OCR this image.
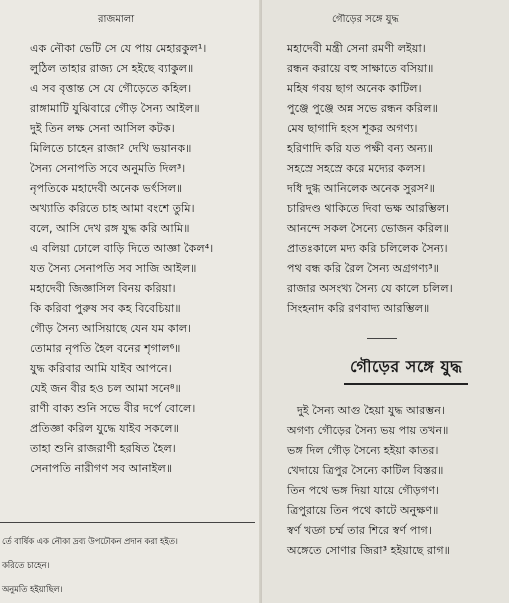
রাজমালা
এক নৌকা ভেটি সে যে পায় মেহারকুল¹।
লুঠিল তাহার রাজ্য সে হইছে ব্যাকুল॥
এ সব বৃত্তান্ত সে যে গৌড়েতে কহিল।
রাঙ্গামাটি যুঝিবারে গৌড় সৈন্য আইল॥
দুই তিন লক্ষ সেনা আসিল কটক।
মিলিতে চাহেন রাজা² দেখি ভয়ানক॥
সৈন্য সেনাপতি সবে অনুমতি দিল³।
নৃপতিকে মহাদেবী অনেক ভর্ৎসিল॥
অখ্যাতি করিতে চাহ আমা বংশে তুমি।
বলে, আসি দেখ রঙ্গ যুদ্ধ করি আমি॥
এ বলিয়া ঢোলে বাড়ি দিতে আজ্ঞা কৈল⁴।
যত সৈন্য সেনাপতি সব সাজি আইল॥
মহাদেবী জিজ্ঞাসিল বিনয় করিয়া।
কি করিবা পুরুষ সব কহ বিবেচিয়া॥
গৌড় সৈন্য আসিয়াছে যেন যম কাল।
তোমার নৃপতি হৈল বনের শৃগাল⁶॥
যুদ্ধ করিবার আমি যাইব আপনে।
যেই জন বীর হও চল আমা সনে⁸॥
রাণী বাক্য শুনি সভে বীর দর্পে বোলে।
প্রতিজ্ঞা করিল যুদ্ধে যাইব সকলে॥
তাহা শুনি রাজরাণী হরষিত হৈল।
সেনাপতি নারীগণ সব আনাইল॥
র্তে বার্ষিক এক নৌকা দ্রব্য উপঢৌকন প্রদান করা হইত।
করিতে চাহেন।
অনুমতি হইয়াছিল।
গৌড়ের সঙ্গে যুদ্ধ
মহাদেবী মন্ত্রী সেনা রমণী লইয়া।
রন্ধন করায়ে বহু সাক্ষাতে বসিয়া॥
মহিষ গবয় ছাগ অনেক কাটিল।
পুঞ্জে পুঞ্জে অন্ন সভে রন্ধন করিল॥
মেষ ছাগাদি হংস শূকর অগণ্য।
হরিণাদি করি যত পক্ষী বন্য অন্য॥
সহস্রে সহস্রে করে মদ্যের কলস।
দধি দুগ্ধ আনিলেক অনেক সুরস²॥
চারিদণ্ড থাকিতে দিবা ভক্ষ আরম্ভিল।
আনন্দে সকল সৈন্যে ভোজন করিল॥
প্রাতঃকালে মদ্য করি চলিলেক সৈন্য।
পথ বন্ধ করি রৈল সৈন্য অগ্রগণ্য³॥
রাজার অসংখ্য সৈন্য যে কালে চলিল।
সিংহনাদ করি রণবাদ্য আরম্ভিল॥
গৌড়ের সঙ্গে যুদ্ধ
দুই সৈন্য আগু হৈয়া যুদ্ধ আরম্ভন।
অগণ্য গৌড়ের সৈন্য ভয় পায় তখন॥
ভঙ্গ দিল গৌড় সৈন্যে হইয়া কাতর।
খেদায়ে ত্রিপুর সৈন্যে কাটিল বিস্তর॥
তিন পথে ভঙ্গ দিয়া যায়ে গৌড়গণ।
ত্রিপুরায়ে তিন পথে কাটে অনুক্ষণ॥
স্বর্ণ খড্গ চর্ম্ম তার শিরে স্বর্ণ পাগ।
অঙ্গেতে সোণার জিরা³ হইয়াছে রাগ॥
